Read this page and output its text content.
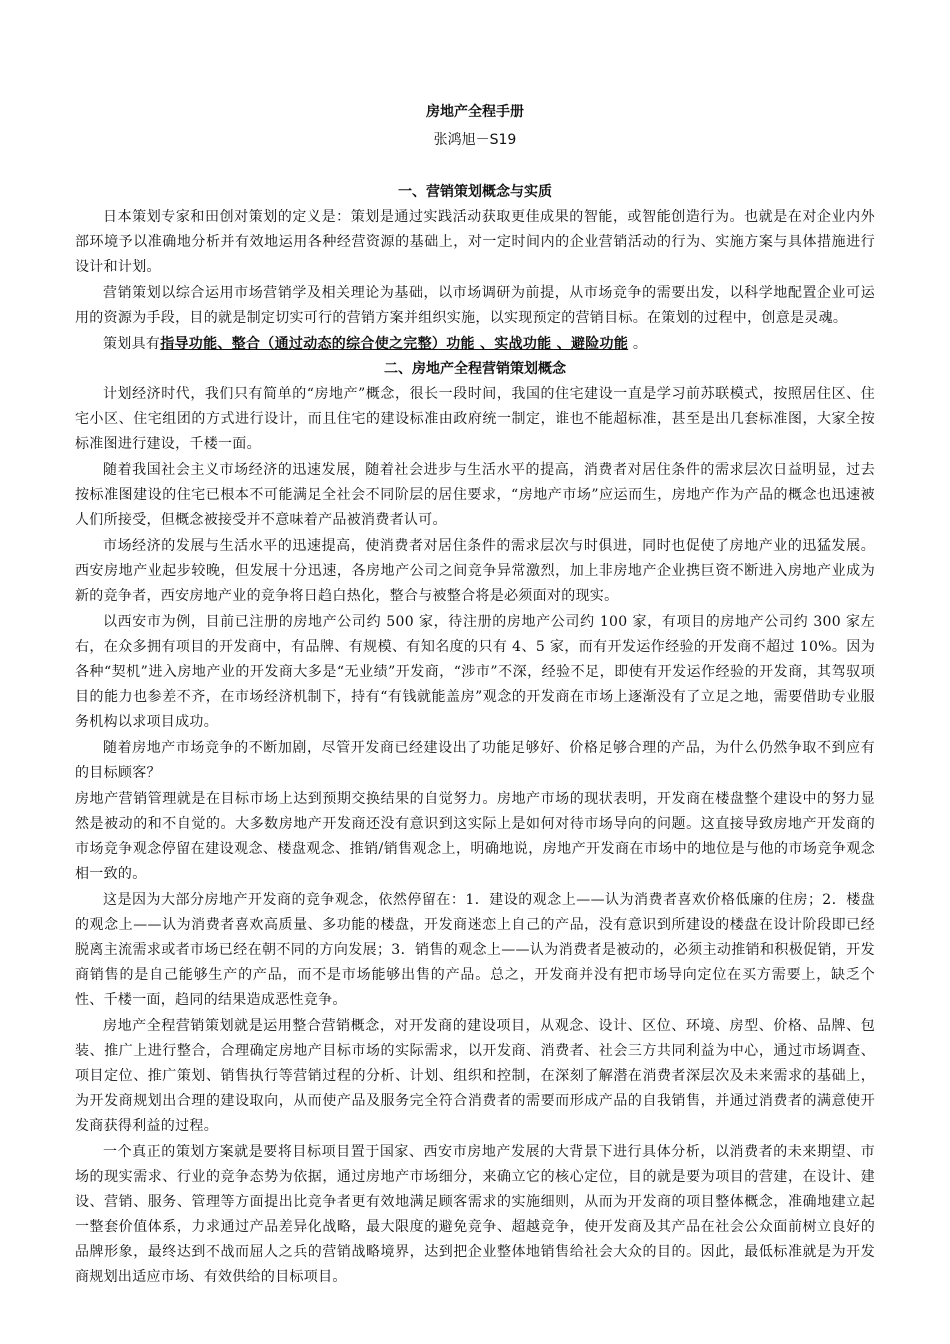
房地产全程手册
张鸿旭－S19
一、营销策划概念与实质

日本策划专家和田创对策划的定义是：策划是通过实践活动获取更佳成果的智能，或智能创造行为。也就是在对企业内外部环境予以准确地分析并有效地运用各种经营资源的基础上，对一定时间内的企业营销活动的行为、实施方案与具体措施进行设计和计划。

营销策划以综合运用市场营销学及相关理论为基础，以市场调研为前提，从市场竞争的需要出发，以科学地配置企业可运用的资源为手段，目的就是制定切实可行的营销方案并组织实施，以实现预定的营销目标。在策划的过程中，创意是灵魂。

策划具有指导功能、整合（通过动态的综合使之完整）功能 、实战功能 、避险功能 。

二、房地产全程营销策划概念

计划经济时代，我们只有简单的“房地产”概念，很长一段时间，我国的住宅建设一直是学习前苏联模式，按照居住区、住宅小区、住宅组团的方式进行设计，而且住宅的建设标准由政府统一制定，谁也不能超标准，甚至是出几套标准图，大家全按标准图进行建设，千楼一面。

随着我国社会主义市场经济的迅速发展，随着社会进步与生活水平的提高，消费者对居住条件的需求层次日益明显，过去按标准图建设的住宅已根本不可能满足全社会不同阶层的居住要求，“房地产市场”应运而生，房地产作为产品的概念也迅速被人们所接受，但概念被接受并不意味着产品被消费者认可。

市场经济的发展与生活水平的迅速提高，使消费者对居住条件的需求层次与时俱进，同时也促使了房地产业的迅猛发展。西安房地产业起步较晚，但发展十分迅速，各房地产公司之间竞争异常激烈，加上非房地产企业携巨资不断进入房地产业成为新的竞争者，西安房地产业的竞争将日趋白热化，整合与被整合将是必须面对的现实。

以西安市为例，目前已注册的房地产公司约 500 家，待注册的房地产公司约 100 家，有项目的房地产公司约 300 家左右，在众多拥有项目的开发商中，有品牌、有规模、有知名度的只有 4、5 家，而有开发运作经验的开发商不超过 10%。因为各种“契机”进入房地产业的开发商大多是“无业绩”开发商，“涉市”不深，经验不足，即使有开发运作经验的开发商，其驾驭项目的能力也参差不齐，在市场经济机制下，持有“有钱就能盖房”观念的开发商在市场上逐渐没有了立足之地，需要借助专业服务机构以求项目成功。

随着房地产市场竞争的不断加剧，尽管开发商已经建设出了功能足够好、价格足够合理的产品，为什么仍然争取不到应有的目标顾客？

房地产营销管理就是在目标市场上达到预期交换结果的自觉努力。房地产市场的现状表明，开发商在楼盘整个建设中的努力显然是被动的和不自觉的。大多数房地产开发商还没有意识到这实际上是如何对待市场导向的问题。这直接导致房地产开发商的市场竞争观念停留在建设观念、楼盘观念、推销/销售观念上，明确地说，房地产开发商在市场中的地位是与他的市场竞争观念相一致的。

这是因为大部分房地产开发商的竞争观念，依然停留在：1．建设的观念上——认为消费者喜欢价格低廉的住房；2．楼盘的观念上——认为消费者喜欢高质量、多功能的楼盘，开发商迷恋上自己的产品，没有意识到所建设的楼盘在设计阶段即已经脱离主流需求或者市场已经在朝不同的方向发展；3．销售的观念上——认为消费者是被动的，必须主动推销和积极促销，开发商销售的是自己能够生产的产品，而不是市场能够出售的产品。总之，开发商并没有把市场导向定位在买方需要上，缺乏个性、千楼一面，趋同的结果造成恶性竞争。

房地产全程营销策划就是运用整合营销概念，对开发商的建设项目，从观念、设计、区位、环境、房型、价格、品牌、包装、推广上进行整合，合理确定房地产目标市场的实际需求，以开发商、消费者、社会三方共同利益为中心，通过市场调查、项目定位、推广策划、销售执行等营销过程的分析、计划、组织和控制，在深刻了解潜在消费者深层次及未来需求的基础上，为开发商规划出合理的建设取向，从而使产品及服务完全符合消费者的需要而形成产品的自我销售，并通过消费者的满意使开发商获得利益的过程。

一个真正的策划方案就是要将目标项目置于国家、西安市房地产发展的大背景下进行具体分析，以消费者的未来期望、市场的现实需求、行业的竞争态势为依据，通过房地产市场细分，来确立它的核心定位，目的就是要为项目的营建，在设计、建设、营销、服务、管理等方面提出比竞争者更有效地满足顾客需求的实施细则，从而为开发商的项目整体概念，准确地建立起一整套价值体系，力求通过产品差异化战略，最大限度的避免竞争、超越竞争，使开发商及其产品在社会公众面前树立良好的品牌形象，最终达到不战而屈人之兵的营销战略境界，达到把企业整体地销售给社会大众的目的。因此，最低标准就是为开发商规划出适应市场、有效供给的目标项目。
